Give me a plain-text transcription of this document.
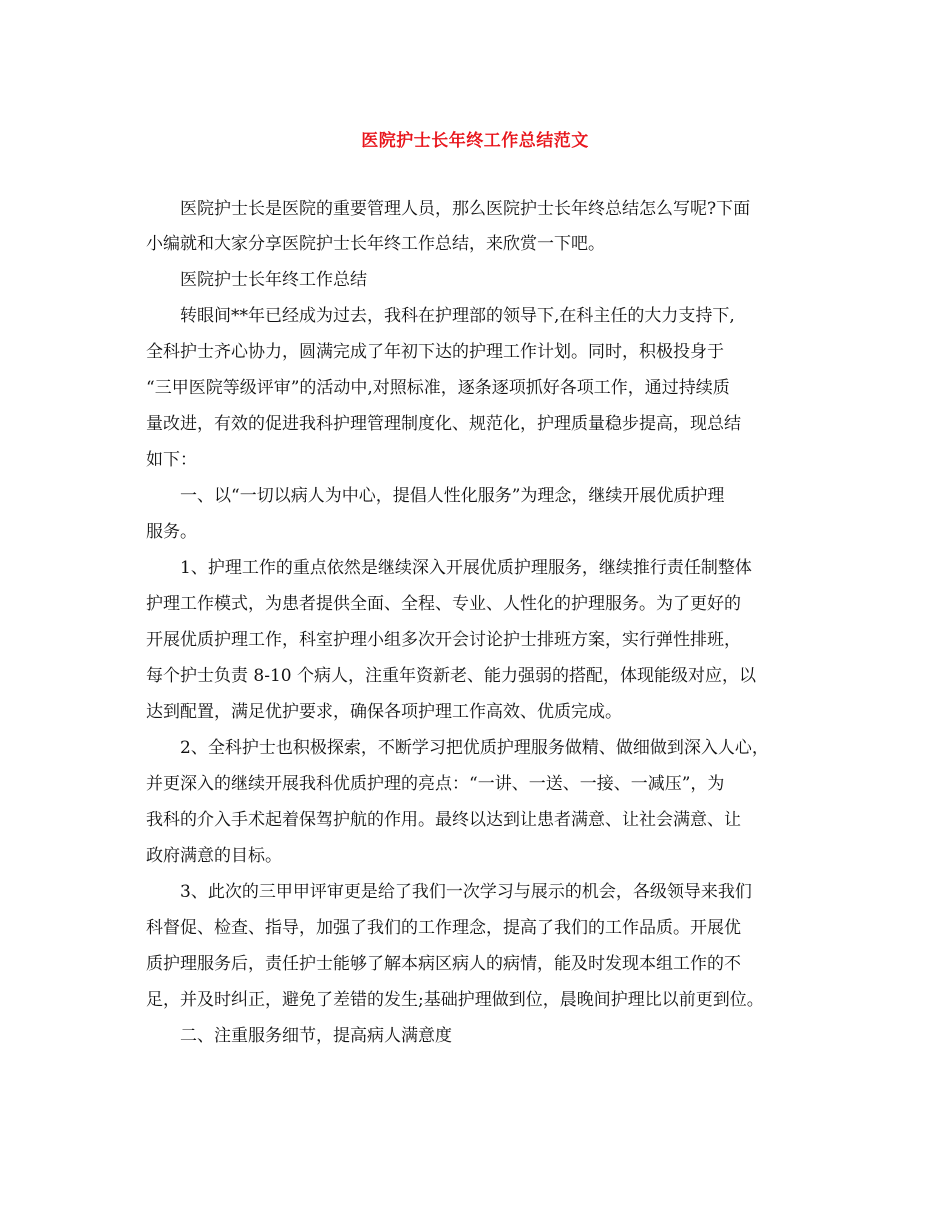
医院护士长年终工作总结范文
医院护士长是医院的重要管理人员，那么医院护士长年终总结怎么写呢?下面
小编就和大家分享医院护士长年终工作总结，来欣赏一下吧。
医院护士长年终工作总结
转眼间**年已经成为过去，我科在护理部的领导下,在科主任的大力支持下,
全科护士齐心协力，圆满完成了年初下达的护理工作计划。同时，积极投身于
“三甲医院等级评审”的活动中,对照标准，逐条逐项抓好各项工作，通过持续质
量改进，有效的促进我科护理管理制度化、规范化，护理质量稳步提高，现总结
如下：
一、以“一切以病人为中心，提倡人性化服务”为理念，继续开展优质护理
服务。
1、护理工作的重点依然是继续深入开展优质护理服务，继续推行责任制整体
护理工作模式，为患者提供全面、全程、专业、人性化的护理服务。为了更好的
开展优质护理工作，科室护理小组多次开会讨论护士排班方案，实行弹性排班，
每个护士负责 8-10 个病人，注重年资新老、能力强弱的搭配，体现能级对应，以
达到配置，满足优护要求，确保各项护理工作高效、优质完成。
2、全科护士也积极探索，不断学习把优质护理服务做精、做细做到深入人心，
并更深入的继续开展我科优质护理的亮点：“一讲、一送、一接、一减压”，为
我科的介入手术起着保驾护航的作用。最终以达到让患者满意、让社会满意、让
政府满意的目标。
3、此次的三甲甲评审更是给了我们一次学习与展示的机会，各级领导来我们
科督促、检查、指导，加强了我们的工作理念，提高了我们的工作品质。开展优
质护理服务后，责任护士能够了解本病区病人的病情，能及时发现本组工作的不
足，并及时纠正，避免了差错的发生;基础护理做到位，晨晚间护理比以前更到位。
二、注重服务细节，提高病人满意度
